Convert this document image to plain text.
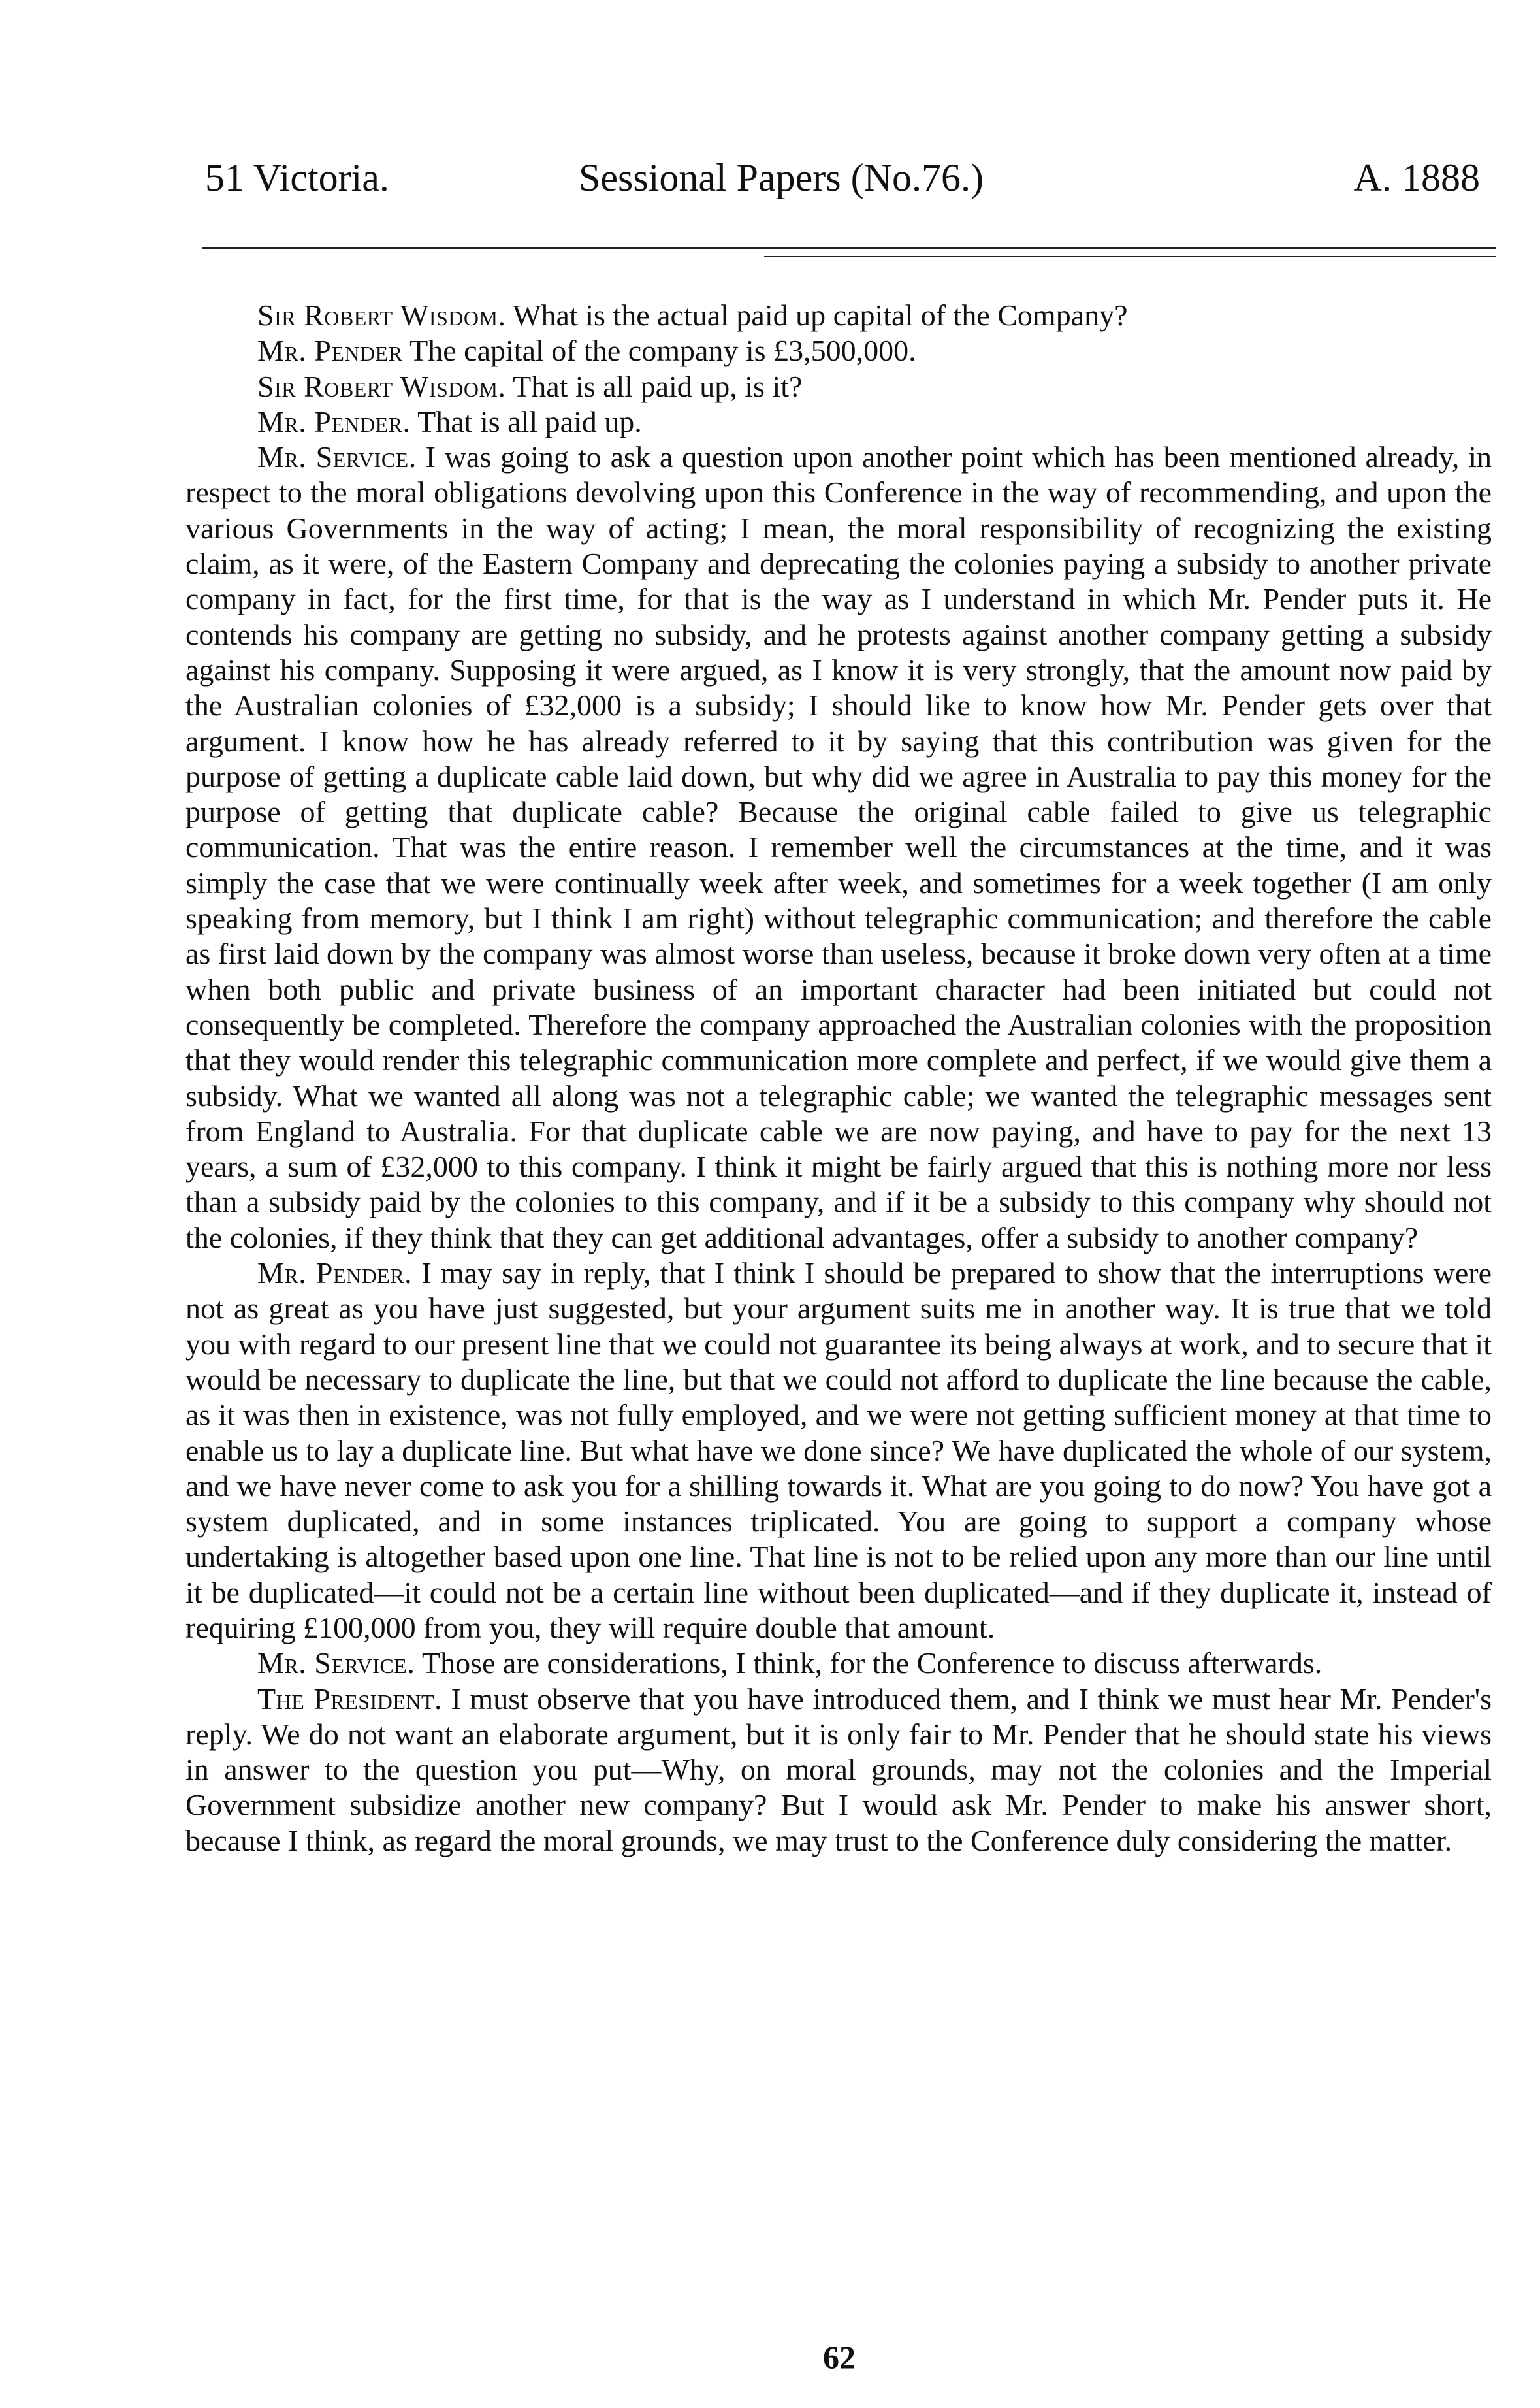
51 Victoria.	Sessional Papers (No.76.)	A. 1888

Sir Robert Wisdom. What is the actual paid up capital of the Company?

Mr. Pender The capital of the company is £3,500,000.

Sir Robert Wisdom. That is all paid up, is it?

Mr. Pender. That is all paid up.

Mr. Service. I was going to ask a question upon another point which has been mentioned already, in respect to the moral obligations devolving upon this Conference in the way of recommending, and upon the various Governments in the way of acting; I mean, the moral responsibility of recognizing the existing claim, as it were, of the Eastern Company and deprecating the colonies paying a subsidy to another private company in fact, for the first time, for that is the way as I understand in which Mr. Pender puts it. He contends his company are getting no subsidy, and he protests against another company getting a subsidy against his company. Supposing it were argued, as I know it is very strongly, that the amount now paid by the Australian colonies of £32,000 is a subsidy; I should like to know how Mr. Pender gets over that argument. I know how he has already referred to it by saying that this contribution was given for the purpose of getting a duplicate cable laid down, but why did we agree in Australia to pay this money for the purpose of getting that duplicate cable? Because the original cable failed to give us telegraphic communication. That was the entire reason. I remember well the circumstances at the time, and it was simply the case that we were continually week after week, and sometimes for a week together (I am only speaking from memory, but I think I am right) without telegraphic communication; and therefore the cable as first laid down by the company was almost worse than useless, because it broke down very often at a time when both public and private business of an important character had been initiated but could not consequently be completed. Therefore the company approached the Australian colonies with the proposition that they would render this telegraphic communication more complete and perfect, if we would give them a subsidy. What we wanted all along was not a telegraphic cable; we wanted the telegraphic messages sent from England to Australia. For that duplicate cable we are now paying, and have to pay for the next 13 years, a sum of £32,000 to this company. I think it might be fairly argued that this is nothing more nor less than a subsidy paid by the colonies to this company, and if it be a subsidy to this company why should not the colonies, if they think that they can get additional advantages, offer a subsidy to another company?

Mr. Pender. I may say in reply, that I think I should be prepared to show that the interruptions were not as great as you have just suggested, but your argument suits me in another way. It is true that we told you with regard to our present line that we could not guarantee its being always at work, and to secure that it would be necessary to duplicate the line, but that we could not afford to duplicate the line because the cable, as it was then in existence, was not fully employed, and we were not getting sufficient money at that time to enable us to lay a duplicate line. But what have we done since? We have duplicated the whole of our system, and we have never come to ask you for a shilling towards it. What are you going to do now? You have got a system duplicated, and in some instances triplicated. You are going to support a company whose undertaking is altogether based upon one line. That line is not to be relied upon any more than our line until it be duplicated—it could not be a certain line without been duplicated—and if they duplicate it, instead of requiring £100,000 from you, they will require double that amount.

Mr. Service. Those are considerations, I think, for the Conference to discuss afterwards.

The President. I must observe that you have introduced them, and I think we must hear Mr. Pender's reply. We do not want an elaborate argument, but it is only fair to Mr. Pender that he should state his views in answer to the question you put—Why, on moral grounds, may not the colonies and the Imperial Government subsidize another new company? But I would ask Mr. Pender to make his answer short, because I think, as regard the moral grounds, we may trust to the Conference duly considering the matter.

62
